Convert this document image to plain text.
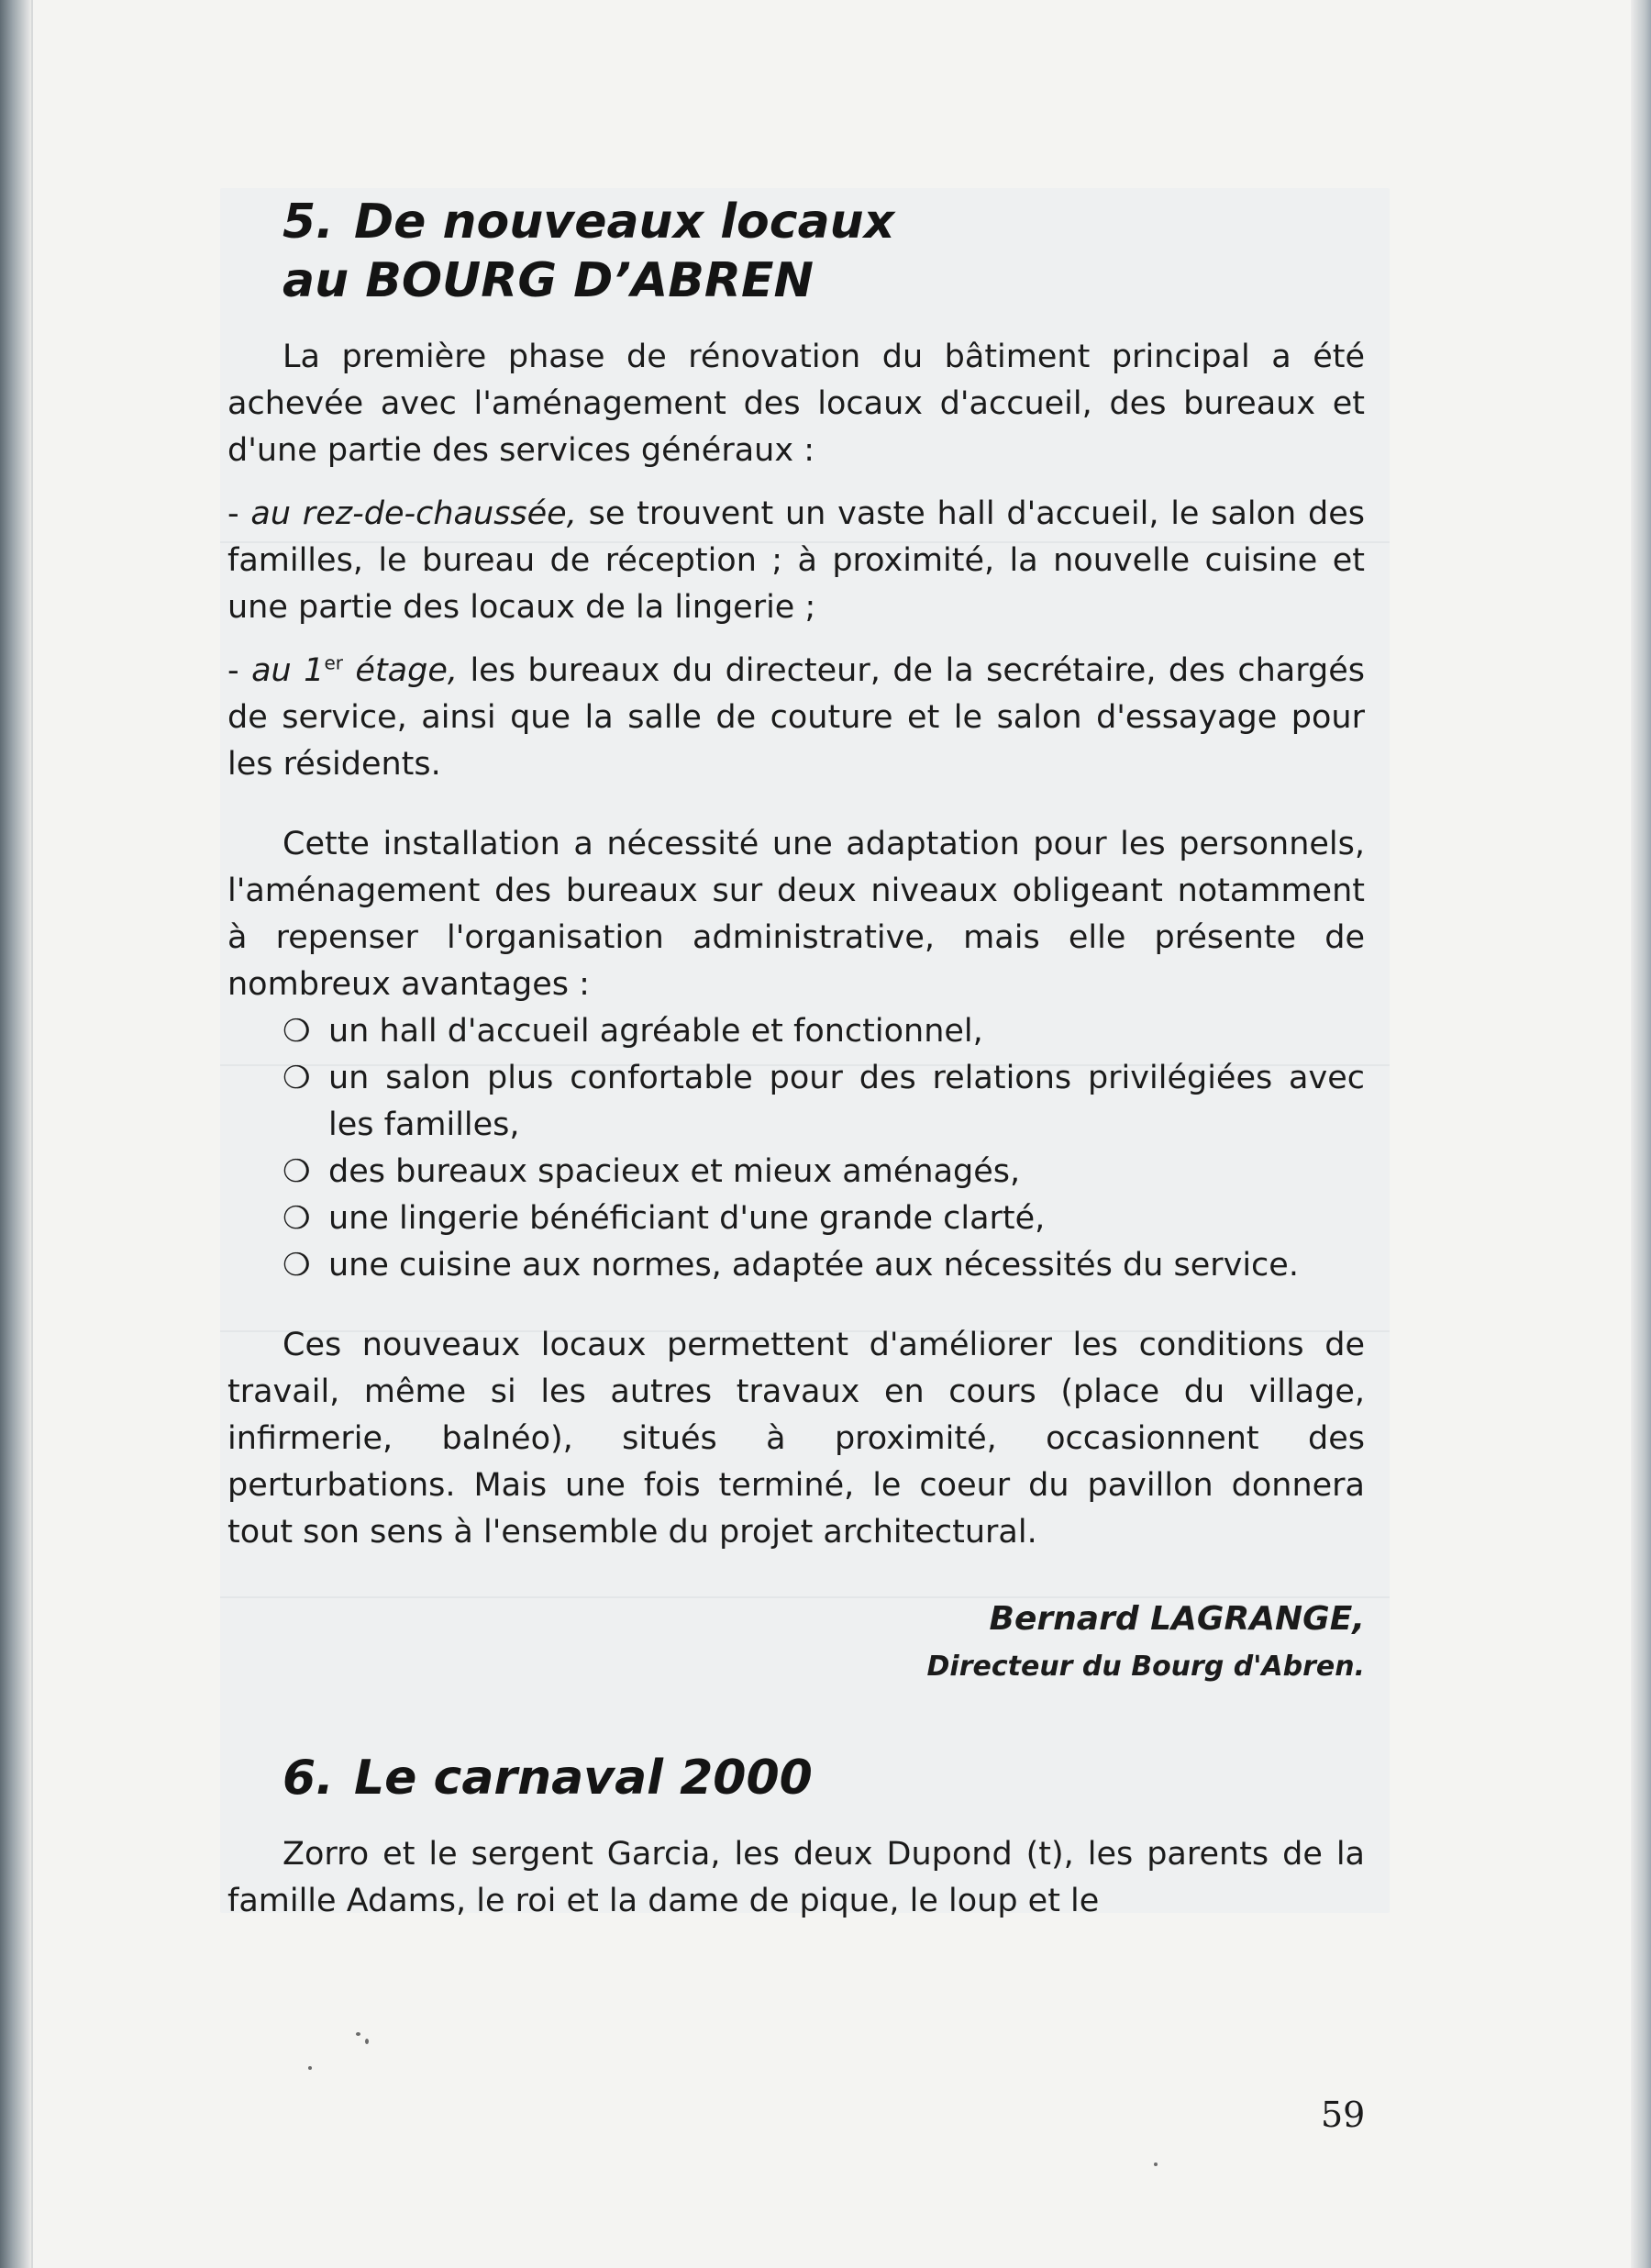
5. De nouveaux locaux
au BOURG D’ABREN

La première phase de rénovation du bâtiment principal a été achevée avec l'aménagement des locaux d'accueil, des bureaux et d'une partie des services généraux :

- au rez-de-chaussée, se trouvent un vaste hall d'accueil, le salon des familles, le bureau de réception ; à proximité, la nouvelle cuisine et une partie des locaux de la lingerie ;

- au 1er étage, les bureaux du directeur, de la secrétaire, des chargés de service, ainsi que la salle de couture et le salon d'essayage pour les résidents.

Cette installation a nécessité une adaptation pour les personnels, l'aménagement des bureaux sur deux niveaux obligeant notamment à repenser l'organisation administrative, mais elle présente de nombreux avantages :

❍ un hall d'accueil agréable et fonctionnel,
❍ un salon plus confortable pour des relations privilégiées avec les familles,
❍ des bureaux spacieux et mieux aménagés,
❍ une lingerie bénéficiant d'une grande clarté,
❍ une cuisine aux normes, adaptée aux nécessités du service.

Ces nouveaux locaux permettent d'améliorer les conditions de travail, même si les autres travaux en cours (place du village, infirmerie, balnéo), situés à proximité, occasionnent des perturbations. Mais une fois terminé, le coeur du pavillon donnera tout son sens à l'ensemble du projet architectural.

Bernard LAGRANGE,
Directeur du Bourg d'Abren.
6. Le carnaval 2000

Zorro et le sergent Garcia, les deux Dupond (t), les parents de la famille Adams, le roi et la dame de pique, le loup et le

59
